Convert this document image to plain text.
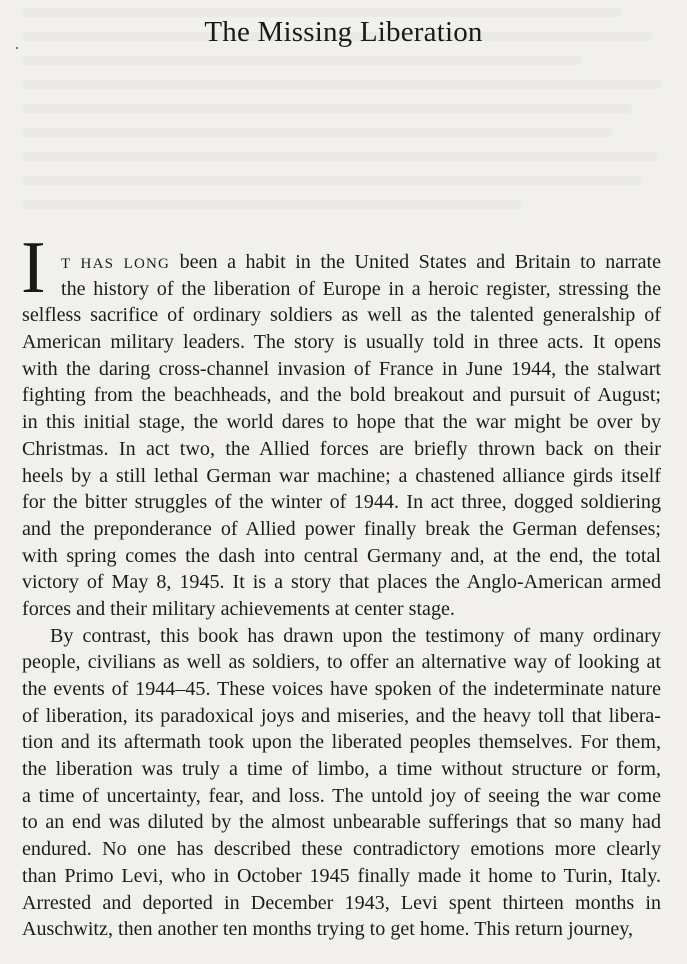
The Missing Liberation
I	T HAS LONG been a habit in the United States and Britain to narrate
the history of the liberation of Europe in a heroic register, stressing the
selfless sacrifice of ordinary soldiers as well as the talented generalship of
American military leaders. The story is usually told in three acts. It opens
with the daring cross-channel invasion of France in June 1944, the stalwart
fighting from the beachheads, and the bold breakout and pursuit of August;
in this initial stage, the world dares to hope that the war might be over by
Christmas. In act two, the Allied forces are briefly thrown back on their
heels by a still lethal German war machine; a chastened alliance girds itself
for the bitter struggles of the winter of 1944. In act three, dogged soldiering
and the preponderance of Allied power finally break the German defenses;
with spring comes the dash into central Germany and, at the end, the total
victory of May 8, 1945. It is a story that places the Anglo-American armed
forces and their military achievements at center stage.
By contrast, this book has drawn upon the testimony of many ordinary
people, civilians as well as soldiers, to offer an alternative way of looking at
the events of 1944–45. These voices have spoken of the indeterminate nature
of liberation, its paradoxical joys and miseries, and the heavy toll that libera-
tion and its aftermath took upon the liberated peoples themselves. For them,
the liberation was truly a time of limbo, a time without structure or form,
a time of uncertainty, fear, and loss. The untold joy of seeing the war come
to an end was diluted by the almost unbearable sufferings that so many had
endured. No one has described these contradictory emotions more clearly
than Primo Levi, who in October 1945 finally made it home to Turin, Italy.
Arrested and deported in December 1943, Levi spent thirteen months in
Auschwitz, then another ten months trying to get home. This return journey,
